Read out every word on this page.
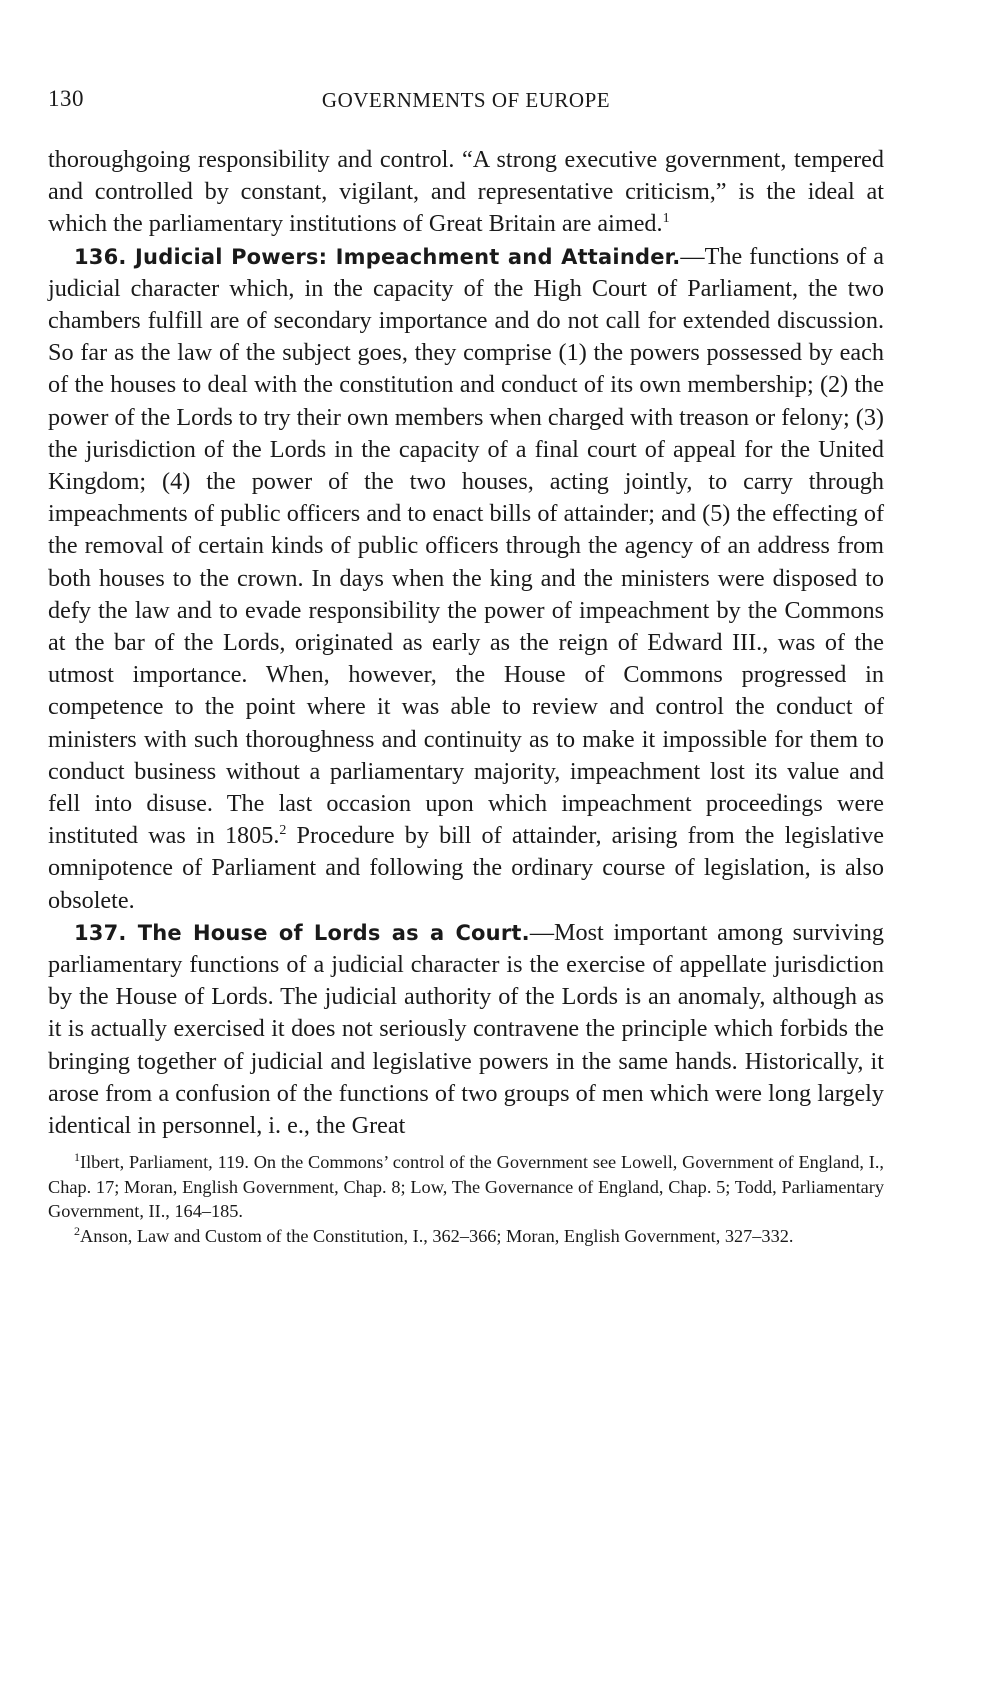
130	GOVERNMENTS OF EUROPE

thoroughgoing responsibility and control. “A strong executive government, tempered and controlled by constant, vigilant, and representative criticism,” is the ideal at which the parliamentary institutions of Great Britain are aimed.$^1$

136. Judicial Powers: Impeachment and Attainder.—The functions of a judicial character which, in the capacity of the High Court of Parliament, the two chambers fulfill are of secondary importance and do not call for extended discussion. So far as the law of the subject goes, they comprise (1) the powers possessed by each of the houses to deal with the constitution and conduct of its own membership; (2) the power of the Lords to try their own members when charged with treason or felony; (3) the jurisdiction of the Lords in the capacity of a final court of appeal for the United Kingdom; (4) the power of the two houses, acting jointly, to carry through impeachments of public officers and to enact bills of attainder; and (5) the effecting of the removal of certain kinds of public officers through the agency of an address from both houses to the crown. In days when the king and the ministers were disposed to defy the law and to evade responsibility the power of impeachment by the Commons at the bar of the Lords, originated as early as the reign of Edward III., was of the utmost importance. When, however, the House of Commons progressed in competence to the point where it was able to review and control the conduct of ministers with such thoroughness and continuity as to make it impossible for them to conduct business without a parliamentary majority, impeachment lost its value and fell into disuse. The last occasion upon which impeachment proceedings were instituted was in 1805.$^2$ Procedure by bill of attainder, arising from the legislative omnipotence of Parliament and following the ordinary course of legislation, is also obsolete.

137. The House of Lords as a Court.—Most important among surviving parliamentary functions of a judicial character is the exercise of appellate jurisdiction by the House of Lords. The judicial authority of the Lords is an anomaly, although as it is actually exercised it does not seriously contravene the principle which forbids the bringing together of judicial and legislative powers in the same hands. Historically, it arose from a confusion of the functions of two groups of men which were long largely identical in personnel, i. e., the Great

$^1$Ilbert, Parliament, 119. On the Commons’ control of the Government see Lowell, Government of England, I., Chap. 17; Moran, English Government, Chap. 8; Low, The Governance of England, Chap. 5; Todd, Parliamentary Government, II., 164–185.

$^2$Anson, Law and Custom of the Constitution, I., 362–366; Moran, English Government, 327–332.
